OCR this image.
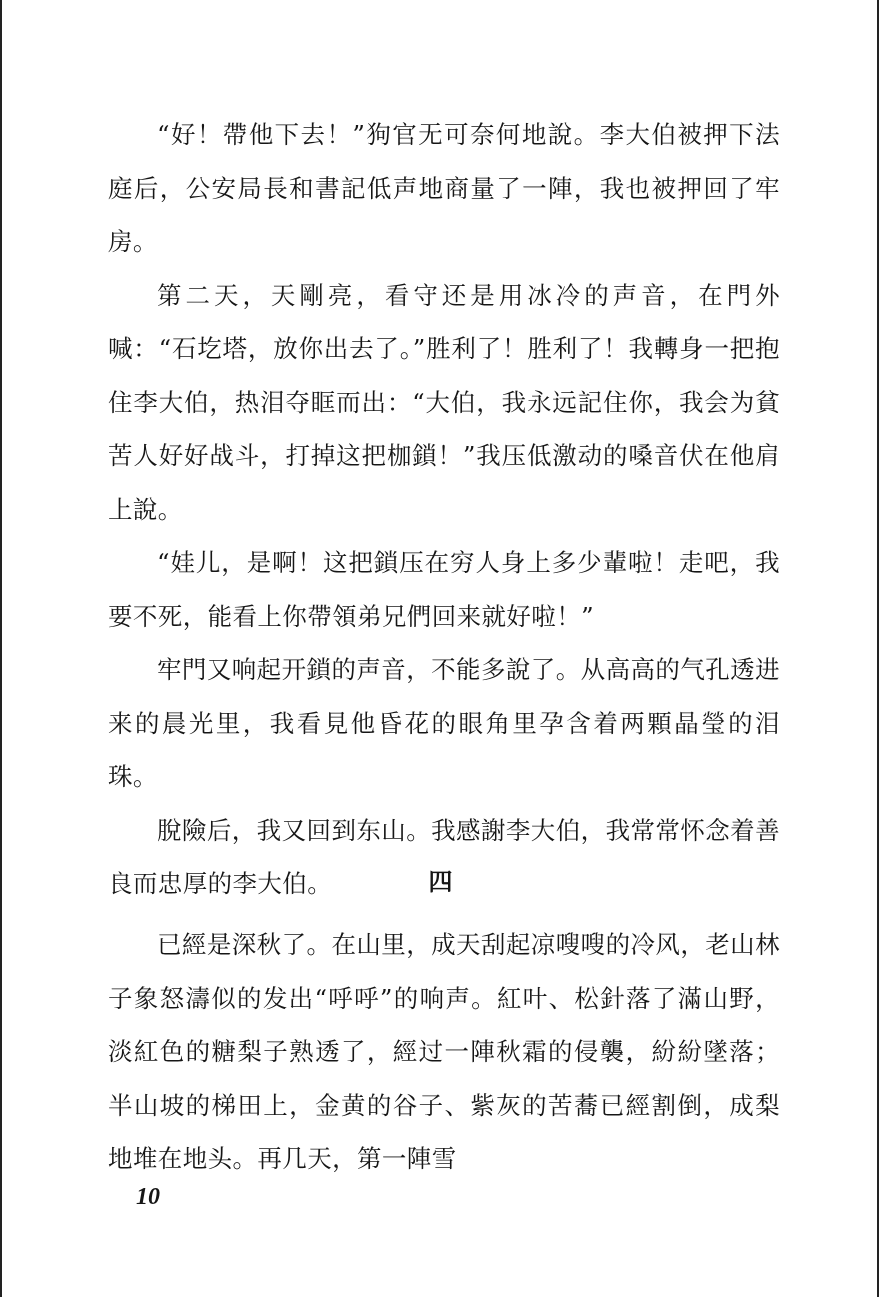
“好！帶他下去！”狗官无可奈何地說。李大伯被押下法庭后，公安局長和書記低声地商量了一陣，我也被押回了牢房。

第二天，天剛亮，看守还是用冰冷的声音，在門外喊：“石圪塔，放你出去了。”胜利了！胜利了！我轉身一把抱住李大伯，热泪夺眶而出：“大伯，我永远記住你，我会为貧苦人好好战斗，打掉这把枷鎖！”我压低激动的嗓音伏在他肩上說。

“娃儿，是啊！这把鎖压在穷人身上多少輩啦！走吧，我要不死，能看上你帶領弟兄們回来就好啦！”

牢門又响起开鎖的声音，不能多說了。从高高的气孔透进来的晨光里，我看見他昏花的眼角里孕含着两顆晶瑩的泪珠。

脫險后，我又回到东山。我感謝李大伯，我常常怀念着善良而忠厚的李大伯。	四

已經是深秋了。在山里，成天刮起凉嗖嗖的冷风，老山林子象怒濤似的发出“呼呼”的响声。紅叶、松針落了滿山野，淡紅色的糖梨子熟透了，經过一陣秋霜的侵襲，紛紛墜落；半山坡的梯田上，金黄的谷子、紫灰的苦蕎已經割倒，成梨地堆在地头。再几天，第一陣雪

10
